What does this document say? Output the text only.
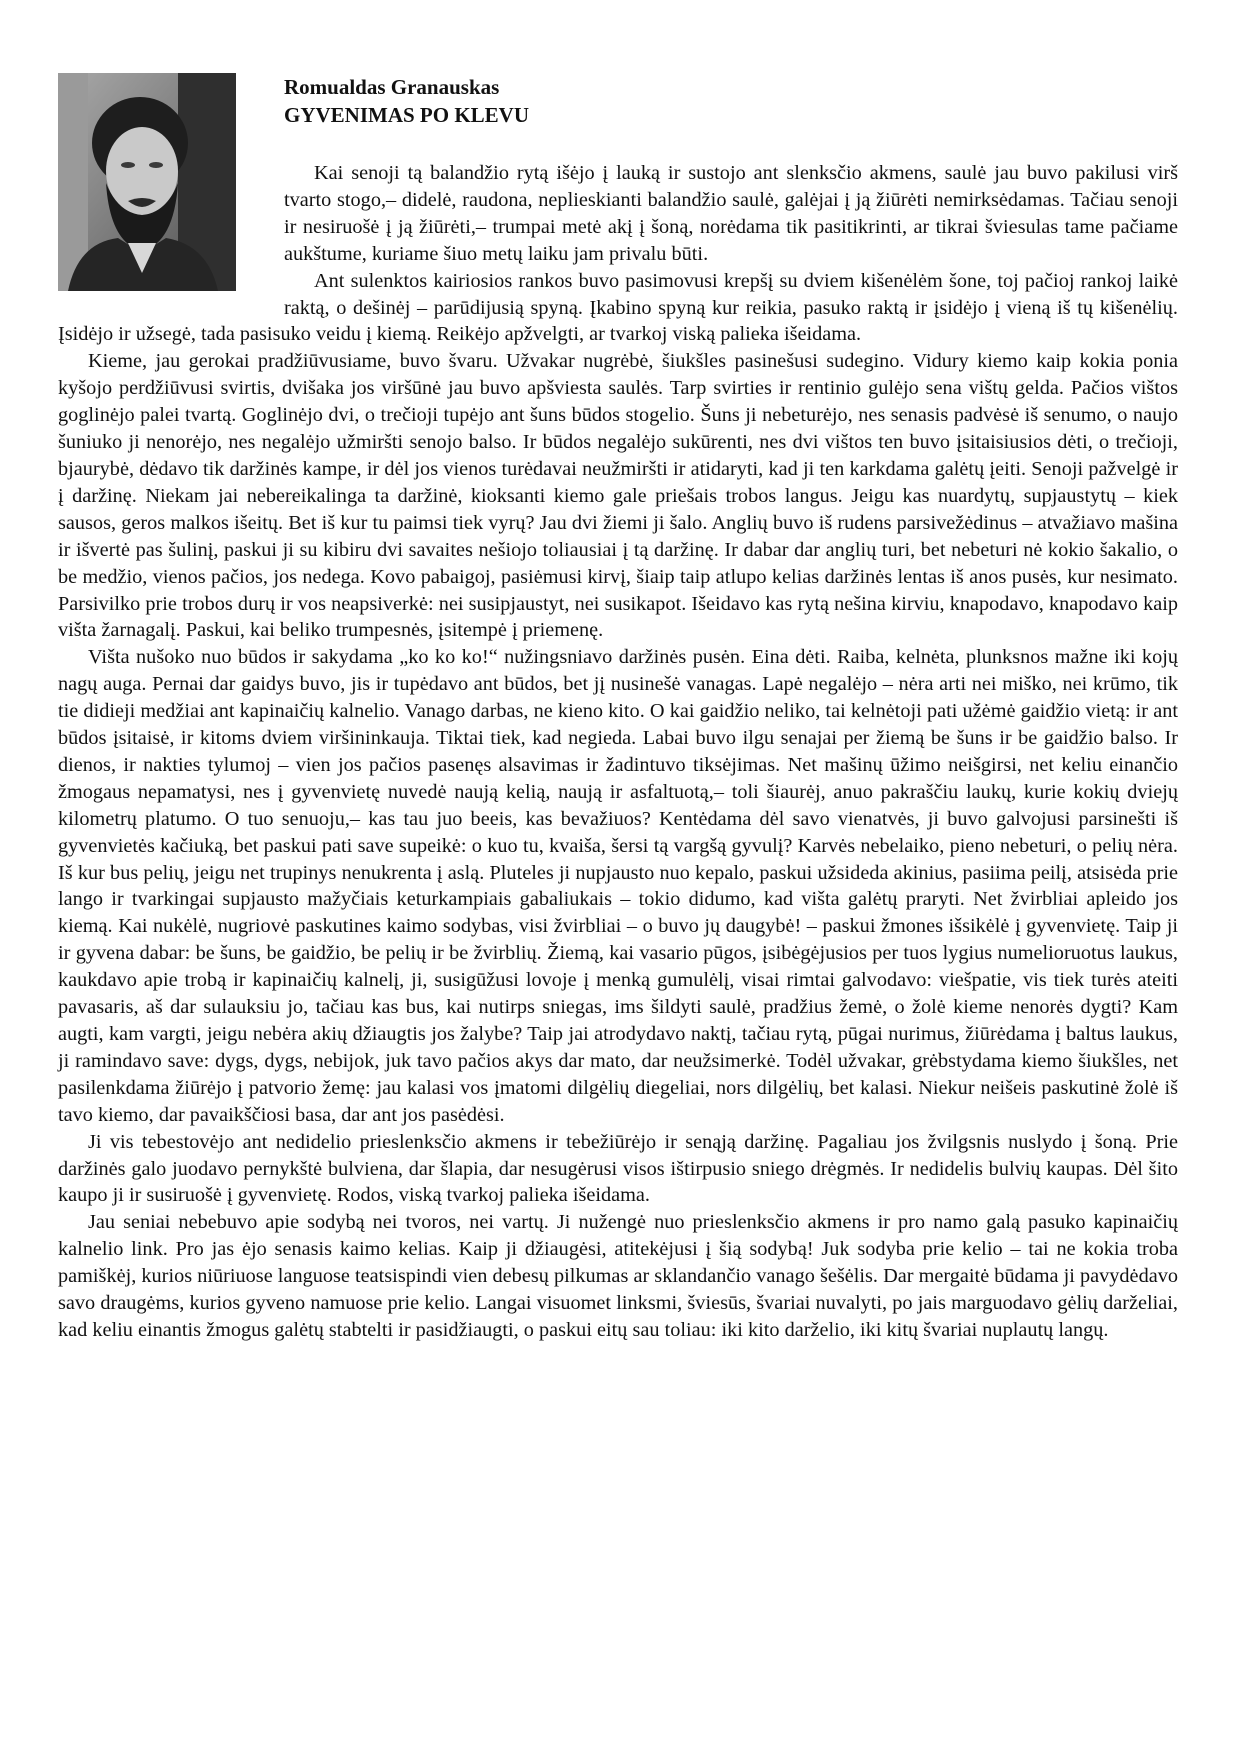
Romualdas Granauskas
GYVENIMAS PO KLEVU

Kai senoji tą balandžio rytą išėjo į lauką ir sustojo ant slenksčio akmens, saulė jau buvo pakilusi virš tvarto stogo,– didelė, raudona, neplieskianti balandžio saulė, galėjai į ją žiūrėti nemirksėdamas. Tačiau senoji ir nesiruošė į ją žiūrėti,– trumpai metė akį į šoną, norėdama tik pasitikrinti, ar tikrai šviesulas tame pačiame aukštume, kuriame šiuo metų laiku jam privalu būti.

Ant sulenktos kairiosios rankos buvo pasimovusi krepšį su dviem kišenėlėm šone, toj pačioj rankoj laikė raktą, o dešinėj – parūdijusią spyną. Įkabino spyną kur reikia, pasuko raktą ir įsidėjo į vieną iš tų kišenėlių. Įsidėjo ir užsegė, tada pasisuko veidu į kiemą. Reikėjo apžvelgti, ar tvarkoj viską palieka išeidama.

Kieme, jau gerokai pradžiūvusiame, buvo švaru. Užvakar nugrėbė, šiukšles pasinešusi sudegino. Vidury kiemo kaip kokia ponia kyšojo perdžiūvusi svirtis, dvišaka jos viršūnė jau buvo apšviesta saulės. Tarp svirties ir rentinio gulėjo sena vištų gelda. Pačios vištos goglinėjo palei tvartą. Goglinėjo dvi, o trečioji tupėjo ant šuns būdos stogelio. Šuns ji nebeturėjo, nes senasis padvėsė iš senumo, o naujo šuniuko ji nenorėjo, nes negalėjo užmiršti senojo balso. Ir būdos negalėjo sukūrenti, nes dvi vištos ten buvo įsitaisiusios dėti, o trečioji, bjaurybė, dėdavo tik daržinės kampe, ir dėl jos vienos turėdavai neužmiršti ir atidaryti, kad ji ten karkdama galėtų įeiti. Senoji pažvelgė ir į daržinę. Niekam jai nebereikalinga ta daržinė, kioksanti kiemo gale priešais trobos langus. Jeigu kas nuardytų, supjaustytų – kiek sausos, geros malkos išeitų. Bet iš kur tu paimsi tiek vyrų? Jau dvi žiemi ji šalo. Anglių buvo iš rudens parsivežėdinus – atvažiavo mašina ir išvertė pas šulinį, paskui ji su kibiru dvi savaites nešiojo toliausiai į tą daržinę. Ir dabar dar anglių turi, bet nebeturi nė kokio šakalio, o be medžio, vienos pačios, jos nedega. Kovo pabaigoj, pasiėmusi kirvį, šiaip taip atlupo kelias daržinės lentas iš anos pusės, kur nesimato. Parsivilko prie trobos durų ir vos neapsiverkė: nei susipjaustyt, nei susikapot. Išeidavo kas rytą nešina kirviu, knapodavo, knapodavo kaip višta žarnagalį. Paskui, kai beliko trumpesnės, įsitempė į priemenę.

Višta nušoko nuo būdos ir sakydama „ko ko ko!“ nužingsniavo daržinės pusėn. Eina dėti. Raiba, kelnėta, plunksnos mažne iki kojų nagų auga. Pernai dar gaidys buvo, jis ir tupėdavo ant būdos, bet jį nusinešė vanagas. Lapė negalėjo – nėra arti nei miško, nei krūmo, tik tie didieji medžiai ant kapinaičių kalnelio. Vanago darbas, ne kieno kito. O kai gaidžio neliko, tai kelnėtoji pati užėmė gaidžio vietą: ir ant būdos įsitaisė, ir kitoms dviem viršininkauja. Tiktai tiek, kad negieda. Labai buvo ilgu senajai per žiemą be šuns ir be gaidžio balso. Ir dienos, ir nakties tylumoj – vien jos pačios pasenęs alsavimas ir žadintuvo tiksėjimas. Net mašinų ūžimo neišgirsi, net keliu einančio žmogaus nepamatysi, nes į gyvenvietę nuvedė naują kelią, naują ir asfaltuotą,– toli šiaurėj, anuo pakraščiu laukų, kurie kokių dviejų kilometrų platumo. O tuo senuoju,– kas tau juo beeis, kas bevažiuos? Kentėdama dėl savo vienatvės, ji buvo galvojusi parsinešti iš gyvenvietės kačiuką, bet paskui pati save supeikė: o kuo tu, kvaiša, šersi tą vargšą gyvulį? Karvės nebelaiko, pieno nebeturi, o pelių nėra. Iš kur bus pelių, jeigu net trupinys nenukrenta į aslą. Pluteles ji nupjausto nuo kepalo, paskui užsideda akinius, pasiima peilį, atsisėda prie lango ir tvarkingai supjausto mažyčiais keturkampiais gabaliukais – tokio didumo, kad višta galėtų praryti. Net žvirbliai apleido jos kiemą. Kai nukėlė, nugriovė paskutines kaimo sodybas, visi žvirbliai – o buvo jų daugybė! – paskui žmones išsikėlė į gyvenvietę. Taip ji ir gyvena dabar: be šuns, be gaidžio, be pelių ir be žvirblių. Žiemą, kai vasario pūgos, įsibėgėjusios per tuos lygius numelioruotus laukus, kaukdavo apie trobą ir kapinaičių kalnelį, ji, susigūžusi lovoje į menką gumulėlį, visai rimtai galvodavo: viešpatie, vis tiek turės ateiti pavasaris, aš dar sulauksiu jo, tačiau kas bus, kai nutirps sniegas, ims šildyti saulė, pradžius žemė, o žolė kieme nenorės dygti? Kam augti, kam vargti, jeigu nebėra akių džiaugtis jos žalybe? Taip jai atrodydavo naktį, tačiau rytą, pūgai nurimus, žiūrėdama į baltus laukus, ji ramindavo save: dygs, dygs, nebijok, juk tavo pačios akys dar mato, dar neužsimerkė. Todėl užvakar, grėbstydama kiemo šiukšles, net pasilenkdama žiūrėjo į patvorio žemę: jau kalasi vos įmatomi dilgėlių diegeliai, nors dilgėlių, bet kalasi. Niekur neišeis paskutinė žolė iš tavo kiemo, dar pavaikščiosi basa, dar ant jos pasėdėsi.

Ji vis tebestovėjo ant nedidelio prieslenksčio akmens ir tebežiūrėjo ir senąją daržinę. Pagaliau jos žvilgsnis nuslydo į šoną. Prie daržinės galo juodavo pernykštė bulviena, dar šlapia, dar nesugėrusi visos ištirpusio sniego drėgmės. Ir nedidelis bulvių kaupas. Dėl šito kaupo ji ir susiruošė į gyvenvietę. Rodos, viską tvarkoj palieka išeidama.

Jau seniai nebebuvo apie sodybą nei tvoros, nei vartų. Ji nužengė nuo prieslenksčio akmens ir pro namo galą pasuko kapinaičių kalnelio link. Pro jas ėjo senasis kaimo kelias. Kaip ji džiaugėsi, atitekėjusi į šią sodybą! Juk sodyba prie kelio – tai ne kokia troba pamiškėj, kurios niūriuose languose teatsispindi vien debesų pilkumas ar sklandančio vanago šešėlis. Dar mergaitė būdama ji pavydėdavo savo draugėms, kurios gyveno namuose prie kelio. Langai visuomet linksmi, šviesūs, švariai nuvalyti, po jais marguodavo gėlių darželiai, kad keliu einantis žmogus galėtų stabtelti ir pasidžiaugti, o paskui eitų sau toliau: iki kito darželio, iki kitų švariai nuplautų langų.
